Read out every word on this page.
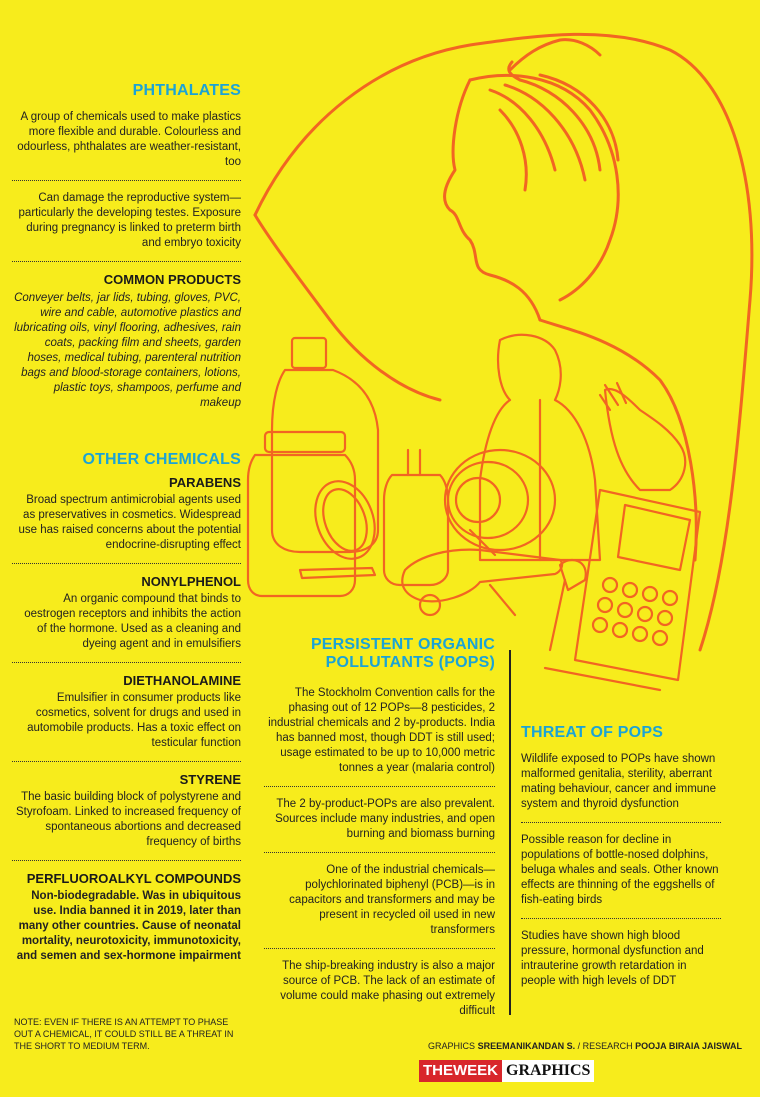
PHTHALATES
A group of chemicals used to make plastics more flexible and durable. Colourless and odourless, phthalates are weather-resistant, too
Can damage the reproductive system—particularly the developing testes. Exposure during pregnancy is linked to preterm birth and embryo toxicity
COMMON PRODUCTS
Conveyer belts, jar lids, tubing, gloves, PVC, wire and cable, automotive plastics and lubricating oils, vinyl flooring, adhesives, rain coats, packing film and sheets, garden hoses, medical tubing, parenteral nutrition bags and blood-storage containers, lotions, plastic toys, shampoos, perfume and makeup
OTHER CHEMICALS
PARABENS
Broad spectrum antimicrobial agents used as preservatives in cosmetics. Widespread use has raised concerns about the potential endocrine-disrupting effect
NONYLPHENOL
An organic compound that binds to oestrogen receptors and inhibits the action of the hormone. Used as a cleaning and dyeing agent and in emulsifiers
DIETHANOLAMINE
Emulsifier in consumer products like cosmetics, solvent for drugs and used in automobile products. Has a toxic effect on testicular function
STYRENE
The basic building block of polystyrene and Styrofoam. Linked to increased frequency of spontaneous abortions and decreased frequency of births
PERFLUOROALKYL COMPOUNDS
Non-biodegradable. Was in ubiquitous use. India banned it in 2019, later than many other countries. Cause of neonatal mortality, neurotoxicity, immunotoxicity, and semen and sex-hormone impairment
PERSISTENT ORGANIC
POLLUTANTS (POPS)
The Stockholm Convention calls for the phasing out of 12 POPs—8 pesticides, 2 industrial chemicals and 2 by-products. India has banned most, though DDT is still used; usage estimated to be up to 10,000 metric tonnes a year (malaria control)
The 2 by-product-POPs are also prevalent. Sources include many industries, and open burning and biomass burning
One of the industrial chemicals—polychlorinated biphenyl (PCB)—is in capacitors and transformers and may be present in recycled oil used in new transformers
The ship-breaking industry is also a major source of PCB. The lack of an estimate of volume could make phasing out extremely difficult
THREAT OF POPS
Wildlife exposed to POPs have shown malformed genitalia, sterility, aberrant mating behaviour, cancer and immune system and thyroid dysfunction
Possible reason for decline in populations of bottle-nosed dolphins, beluga whales and seals. Other known effects are thinning of the eggshells of fish-eating birds
Studies have shown high blood pressure, hormonal dysfunction and intrauterine growth retardation in people with high levels of DDT
NOTE: EVEN IF THERE IS AN ATTEMPT TO PHASE OUT A CHEMICAL, IT COULD STILL BE A THREAT IN THE SHORT TO MEDIUM TERM.	GRAPHICS SREEMANIKANDAN S. / RESEARCH POOJA BIRAIA JAISWAL
THEWEEK GRAPHICS
